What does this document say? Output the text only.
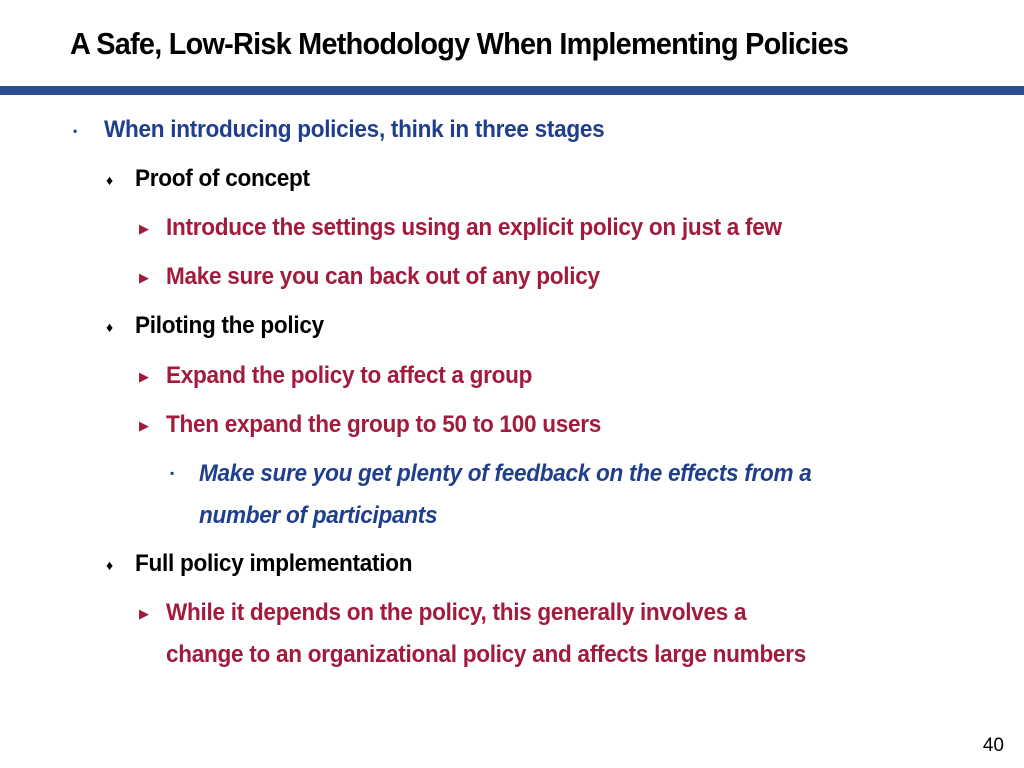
A Safe, Low-Risk Methodology When Implementing Policies
• When introducing policies, think in three stages
♦ Proof of concept
▶ Introduce the settings using an explicit policy on just a few
▶ Make sure you can back out of any policy
♦ Piloting the policy
▶ Expand the policy to affect a group
▶ Then expand the group to 50 to 100 users
▪ Make sure you get plenty of feedback on the effects from a
number of participants
♦ Full policy implementation
▶ While it depends on the policy, this generally involves a
change to an organizational policy and affects large numbers
40
